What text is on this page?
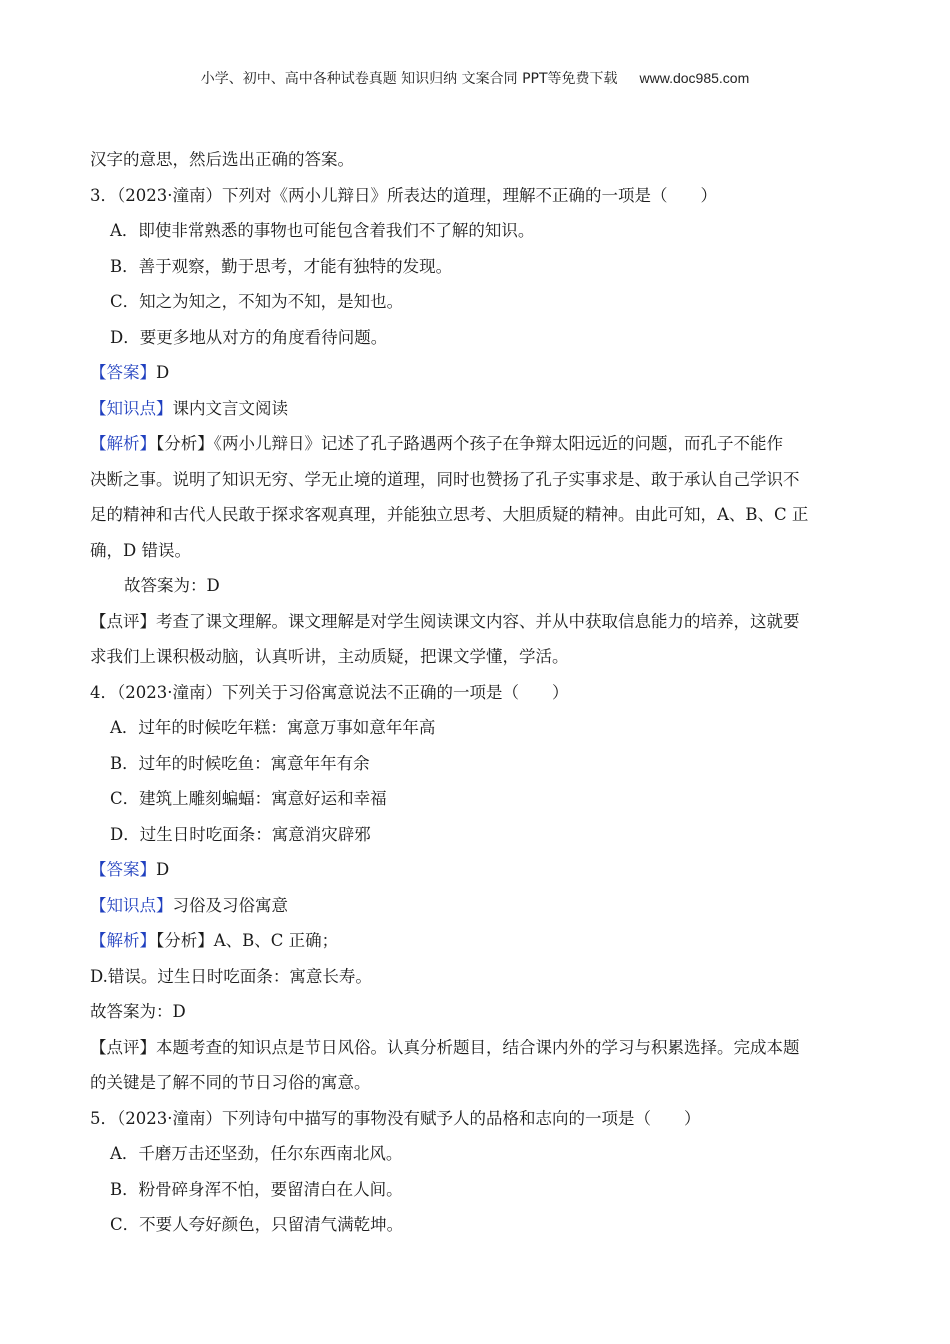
小学、初中、高中各种试卷真题 知识归纳 文案合同 PPT等免费下载 www.doc985.com
汉字的意思，然后选出正确的答案。
3．（2023·潼南）下列对《两小儿辩日》所表达的道理，理解不正确的一项是（　　）
A．即使非常熟悉的事物也可能包含着我们不了解的知识。
B．善于观察，勤于思考，才能有独特的发现。
C．知之为知之，不知为不知，是知也。
D．要更多地从对方的角度看待问题。
【答案】D
【知识点】课内文言文阅读
【解析】【分析】《两小儿辩日》记述了孔子路遇两个孩子在争辩太阳远近的问题，而孔子不能作
决断之事。说明了知识无穷、学无止境的道理，同时也赞扬了孔子实事求是、敢于承认自己学识不
足的精神和古代人民敢于探求客观真理，并能独立思考、大胆质疑的精神。由此可知，A、B、C 正
确，D 错误。
故答案为：D
【点评】考查了课文理解。课文理解是对学生阅读课文内容、并从中获取信息能力的培养，这就要
求我们上课积极动脑，认真听讲，主动质疑，把课文学懂，学活。
4．（2023·潼南）下列关于习俗寓意说法不正确的一项是（　　）
A．过年的时候吃年糕：寓意万事如意年年高
B．过年的时候吃鱼：寓意年年有余
C．建筑上雕刻蝙蝠：寓意好运和幸福
D．过生日时吃面条：寓意消灾辟邪
【答案】D
【知识点】习俗及习俗寓意
【解析】【分析】A、B、C 正确；
D.错误。过生日时吃面条：寓意长寿。
故答案为：D
【点评】本题考查的知识点是节日风俗。认真分析题目，结合课内外的学习与积累选择。完成本题
的关键是了解不同的节日习俗的寓意。
5．（2023·潼南）下列诗句中描写的事物没有赋予人的品格和志向的一项是（　　）
A．千磨万击还坚劲，任尔东西南北风。
B．粉骨碎身浑不怕，要留清白在人间。
C．不要人夸好颜色，只留清气满乾坤。
